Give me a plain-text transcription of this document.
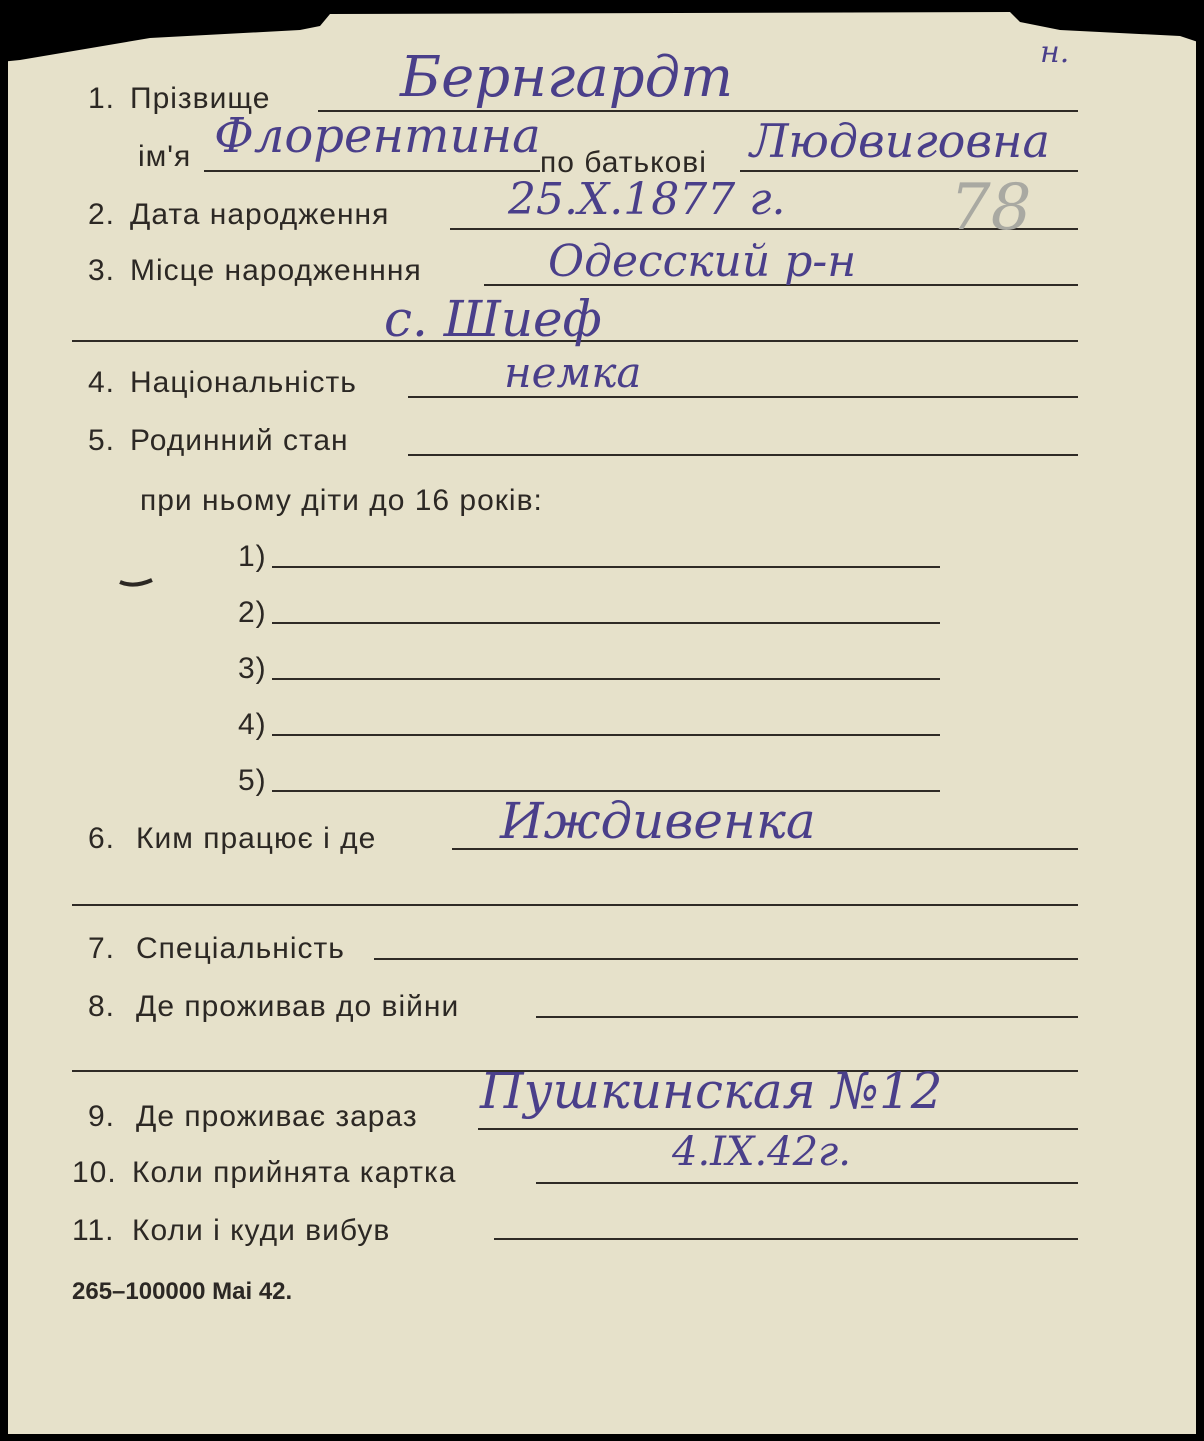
н.
1. Прізвище Бернгардт
ім'я Флорентина по батькові Людвиговна
2. Дата народження	25.X.1877 г.	78
3. Місце народженння	Одесский р-н
с. Шиеф
4. Національність	немка
5. Родинний стан
при ньому діти до 16 років:
1)
2)
3)
4)
5)
6. Ким працює і де Иждивенка
7. Спеціальність
8. Де проживав до війни
9. Де проживає зараз Пушкинская №12
10. Коли прийнята картка	4.IX.42г.
11. Коли і куди вибув
265–100000 Mai 42.
